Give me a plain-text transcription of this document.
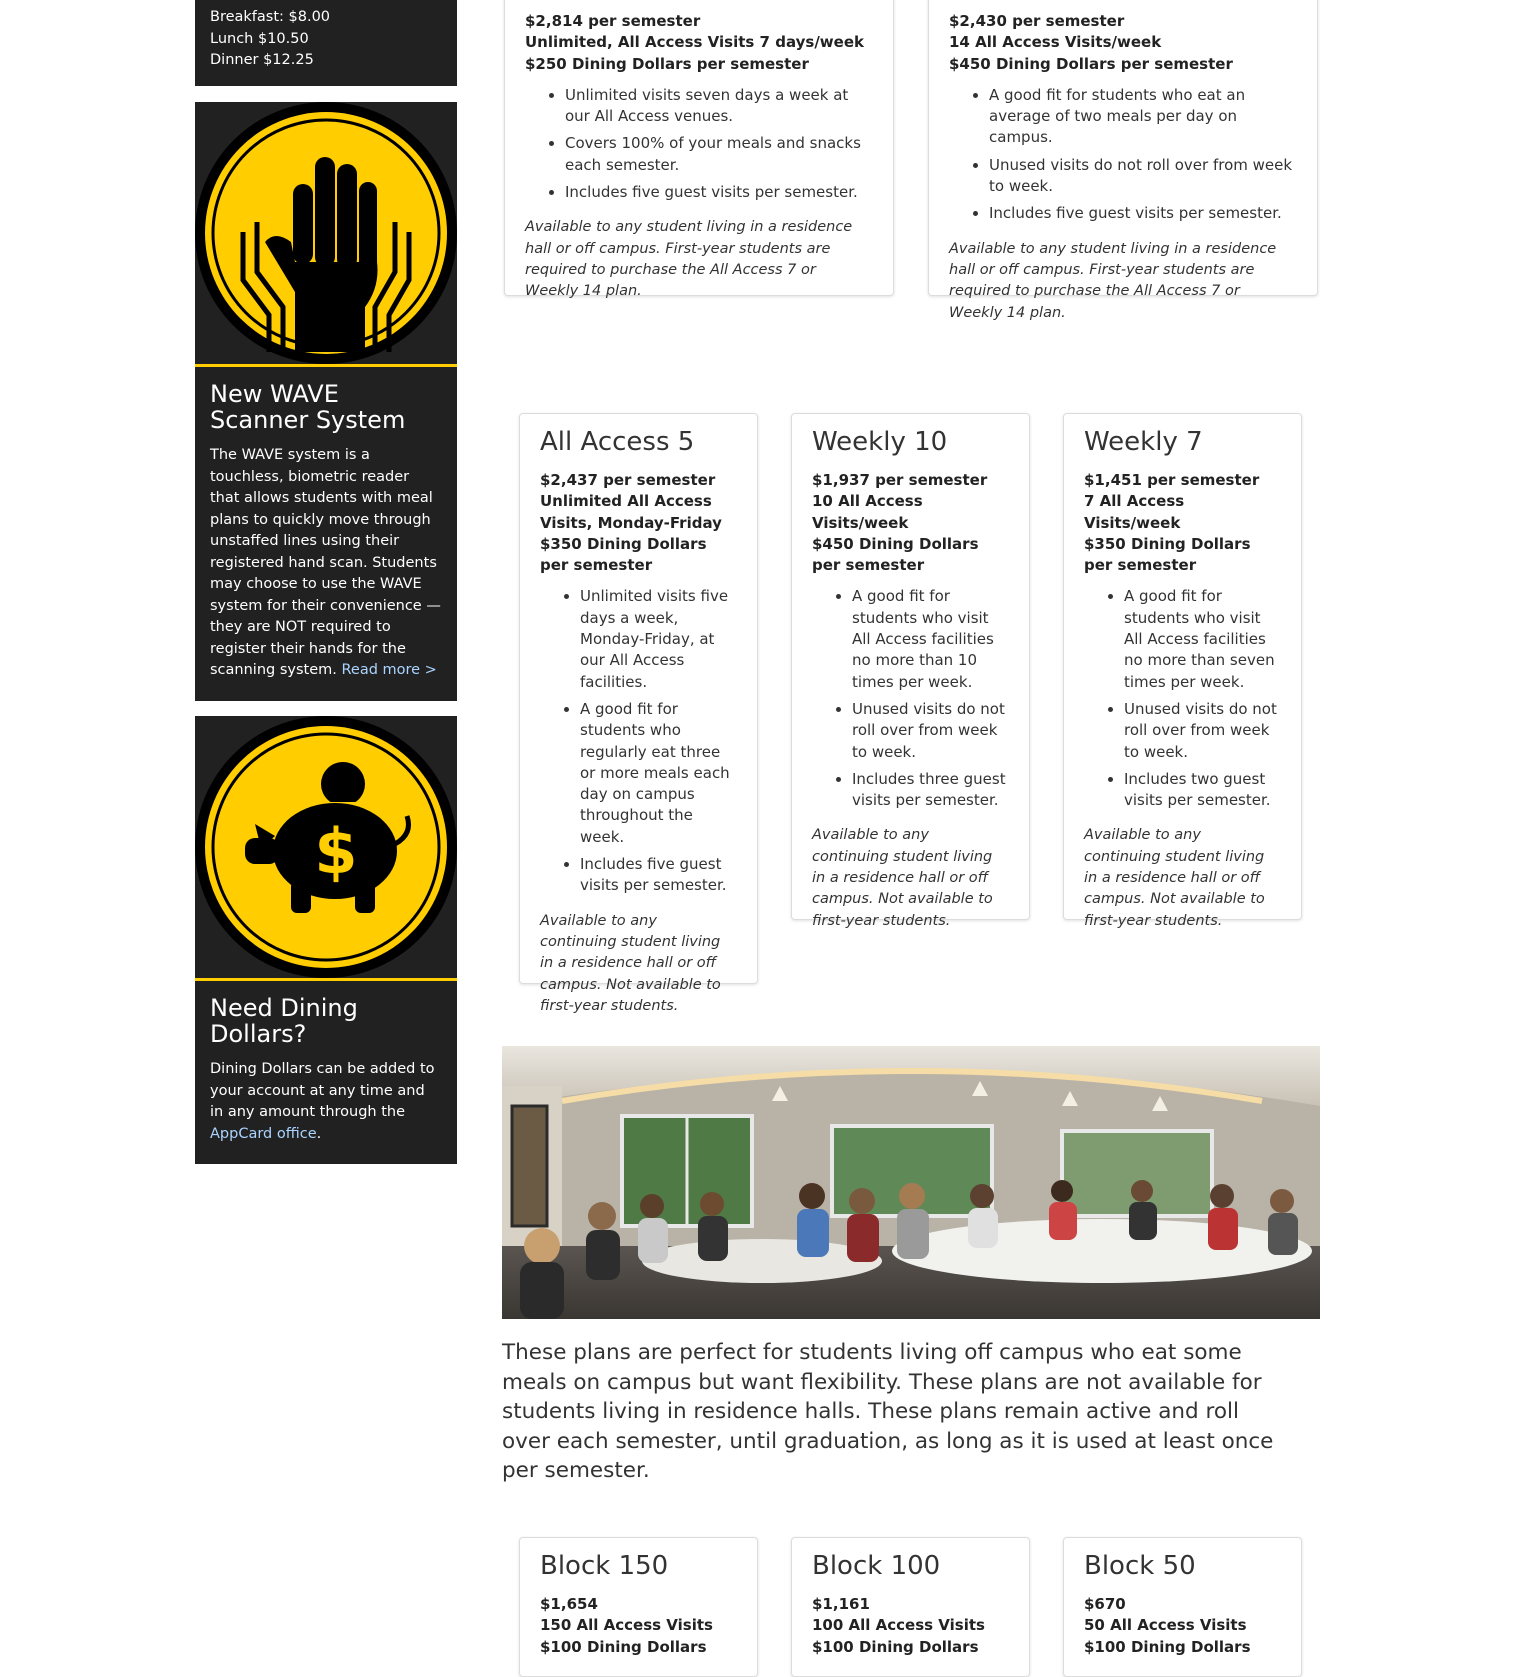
Breakfast: $8.00
Lunch $10.50
Dinner $12.25
New WAVE Scanner System
The WAVE system is a touchless, biometric reader that allows students with meal plans to quickly move through unstaffed lines using their registered hand scan. Students may choose to use the WAVE system for their convenience — they are NOT required to register their hands for the scanning system. Read more >
$
Need Dining Dollars?
Dining Dollars can be added to your account at any time and in any amount through the AppCard office.
$2,814 per semester
Unlimited, All Access Visits 7 days/week
$250 Dining Dollars per semester
• Unlimited visits seven days a week at our All Access venues.
• Covers 100% of your meals and snacks each semester.
• Includes five guest visits per semester.
Available to any student living in a residence hall or off campus. First-year students are required to purchase the All Access 7 or Weekly 14 plan.
$2,430 per semester
14 All Access Visits/week
$450 Dining Dollars per semester
• A good fit for students who eat an average of two meals per day on campus.
• Unused visits do not roll over from week to week.
• Includes five guest visits per semester.
Available to any student living in a residence hall or off campus. First-year students are required to purchase the All Access 7 or Weekly 14 plan.
All Access 5
$2,437 per semester
Unlimited All Access Visits, Monday-Friday
$350 Dining Dollars per semester
• Unlimited visits five days a week, Monday-Friday, at our All Access facilities.
• A good fit for students who regularly eat three or more meals each day on campus throughout the week.
• Includes five guest visits per semester.
Available to any continuing student living in a residence hall or off campus. Not available to first-year students.
Weekly 10
$1,937 per semester
10 All Access Visits/week
$450 Dining Dollars per semester
• A good fit for students who visit All Access facilities no more than 10 times per week.
• Unused visits do not roll over from week to week.
• Includes three guest visits per semester.
Available to any continuing student living in a residence hall or off campus. Not available to first-year students.
Weekly 7
$1,451 per semester
7 All Access Visits/week
$350 Dining Dollars per semester
• A good fit for students who visit All Access facilities no more than seven times per week.
• Unused visits do not roll over from week to week.
• Includes two guest visits per semester.
Available to any continuing student living in a residence hall or off campus. Not available to first-year students.

These plans are perfect for students living off campus who eat some meals on campus but want flexibility. These plans are not available for students living in residence halls. These plans remain active and roll over each semester, until graduation, as long as it is used at least once per semester.

Block 150
$1,654
150 All Access Visits
$100 Dining Dollars
Block 100
$1,161
100 All Access Visits
$100 Dining Dollars
Block 50
$670
50 All Access Visits
$100 Dining Dollars
